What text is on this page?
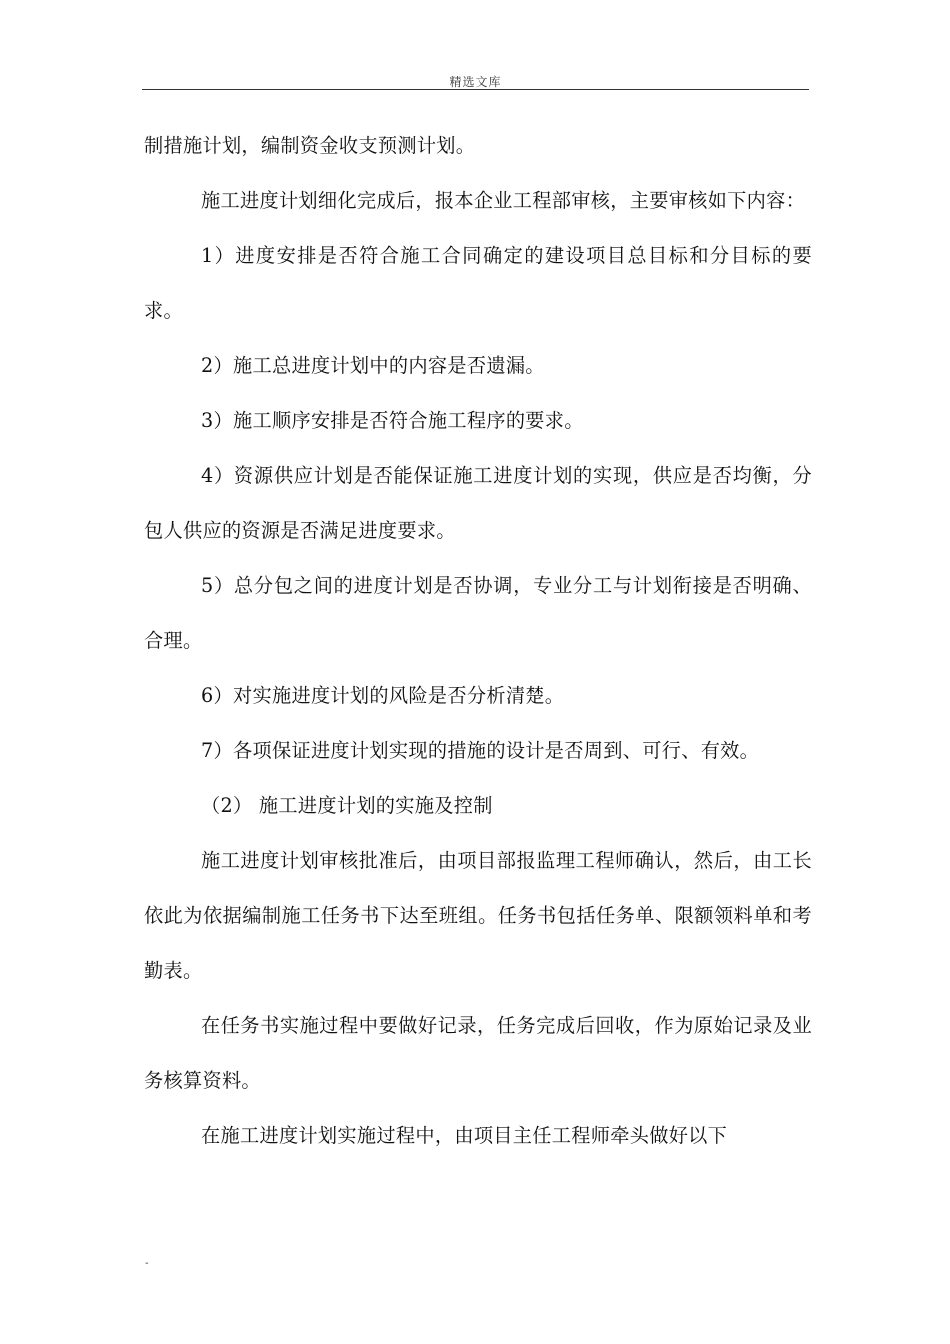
精选文库

制措施计划，编制资金收支预测计划。

施工进度计划细化完成后，报本企业工程部审核，主要审核如下内容：

1）进度安排是否符合施工合同确定的建设项目总目标和分目标的要求。

2）施工总进度计划中的内容是否遗漏。

3）施工顺序安排是否符合施工程序的要求。

4）资源供应计划是否能保证施工进度计划的实现，供应是否均衡，分包人供应的资源是否满足进度要求。

5）总分包之间的进度计划是否协调，专业分工与计划衔接是否明确、合理。

6）对实施进度计划的风险是否分析清楚。

7）各项保证进度计划实现的措施的设计是否周到、可行、有效。

（2） 施工进度计划的实施及控制

施工进度计划审核批准后，由项目部报监理工程师确认，然后，由工长依此为依据编制施工任务书下达至班组。任务书包括任务单、限额领料单和考勤表。

在任务书实施过程中要做好记录，任务完成后回收，作为原始记录及业务核算资料。

在施工进度计划实施过程中，由项目主任工程师牵头做好以下

-
